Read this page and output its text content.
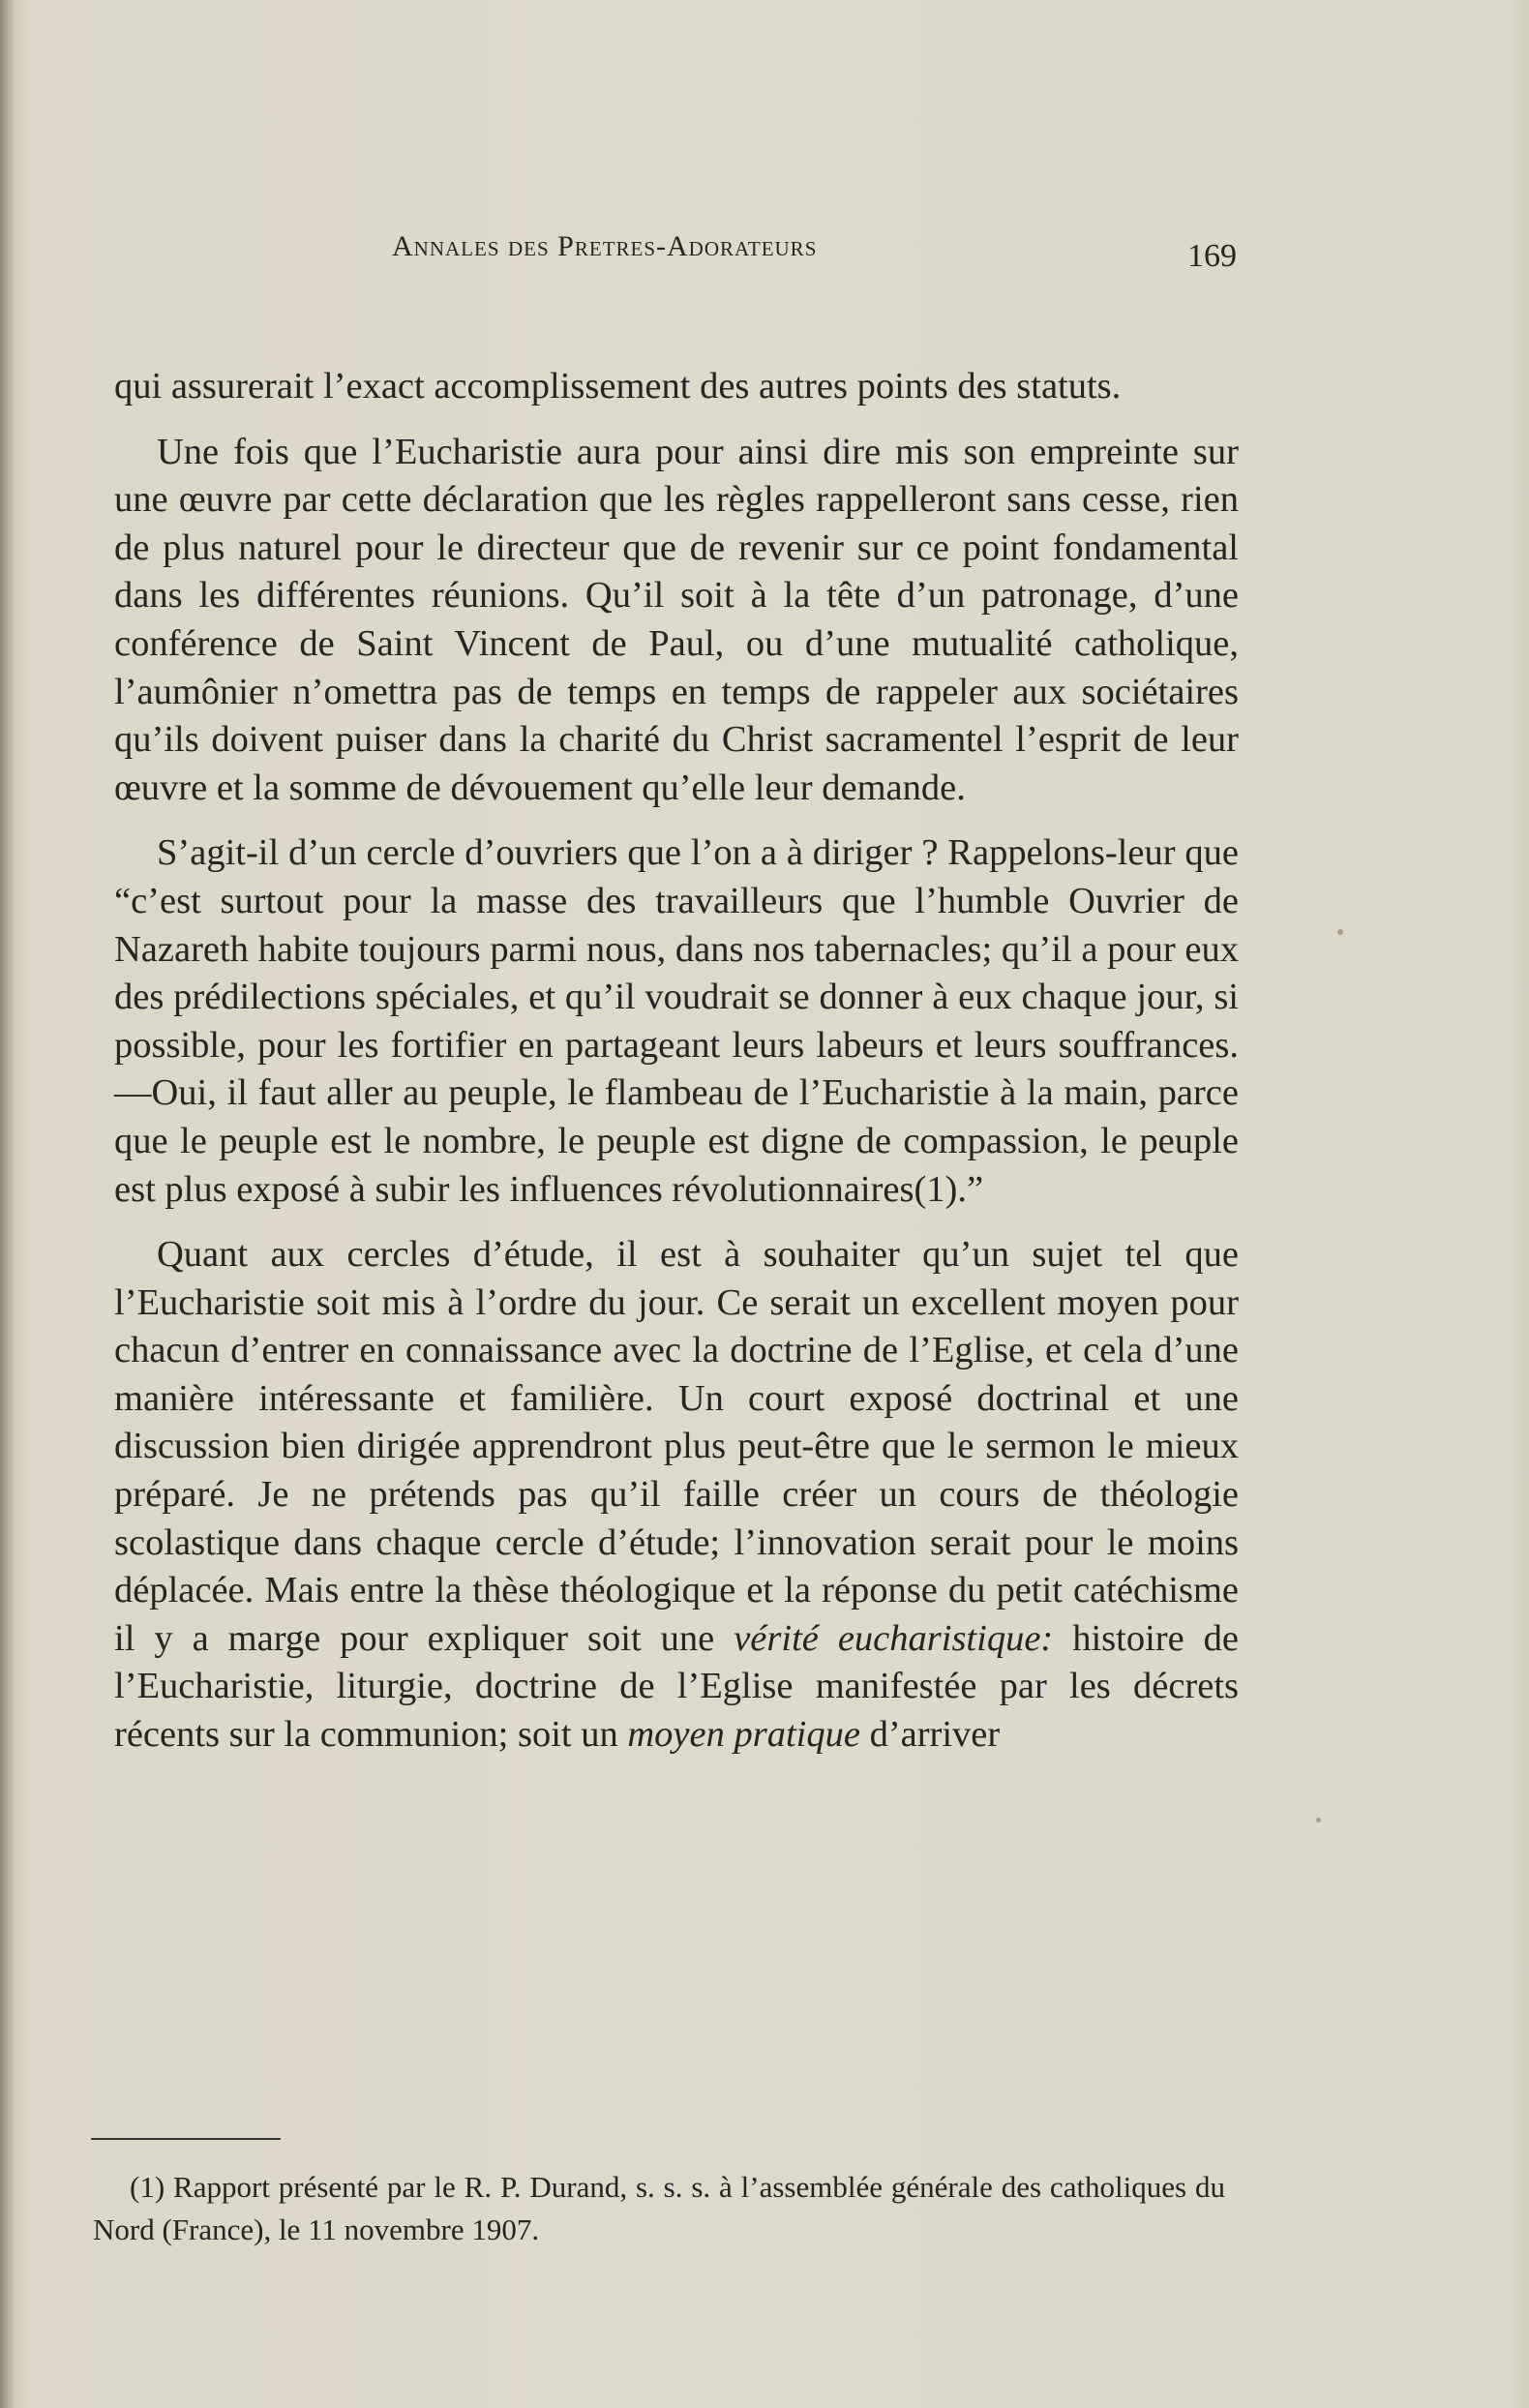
Annales des Pretres-Adorateurs	169

qui assurerait l’exact accomplissement des autres points des statuts.

Une fois que l’Eucharistie aura pour ainsi dire mis son empreinte sur une œuvre par cette déclaration que les règles rappelleront sans cesse, rien de plus naturel pour le directeur que de revenir sur ce point fondamental dans les différentes réunions. Qu’il soit à la tête d’un patronage, d’une conférence de Saint Vincent de Paul, ou d’une mutualité catholique, l’aumônier n’omettra pas de temps en temps de rappeler aux sociétaires qu’ils doivent puiser dans la charité du Christ sacramentel l’esprit de leur œuvre et la somme de dévouement qu’elle leur demande.

S’agit-il d’un cercle d’ouvriers que l’on a à diriger ? Rappelons-leur que “c’est surtout pour la masse des travailleurs que l’humble Ouvrier de Nazareth habite toujours parmi nous, dans nos tabernacles; qu’il a pour eux des prédilections spéciales, et qu’il voudrait se donner à eux chaque jour, si possible, pour les fortifier en partageant leurs labeurs et leurs souffrances.—Oui, il faut aller au peuple, le flambeau de l’Eucharistie à la main, parce que le peuple est le nombre, le peuple est digne de compassion, le peuple est plus exposé à subir les influences révolutionnaires(1).”

Quant aux cercles d’étude, il est à souhaiter qu’un sujet tel que l’Eucharistie soit mis à l’ordre du jour. Ce serait un excellent moyen pour chacun d’entrer en connaissance avec la doctrine de l’Eglise, et cela d’une manière intéressante et familière. Un court exposé doctrinal et une discussion bien dirigée apprendront plus peut-être que le sermon le mieux préparé. Je ne prétends pas qu’il faille créer un cours de théologie scolastique dans chaque cercle d’étude; l’innovation serait pour le moins déplacée. Mais entre la thèse théologique et la réponse du petit catéchisme il y a marge pour expliquer soit une vérité eucharistique: histoire de l’Eucharistie, liturgie, doctrine de l’Eglise manifestée par les décrets récents sur la communion; soit un moyen pratique d’arriver

(1) Rapport présenté par le R. P. Durand, s. s. s. à l’assemblée générale des catholiques du Nord (France), le 11 novembre 1907.
